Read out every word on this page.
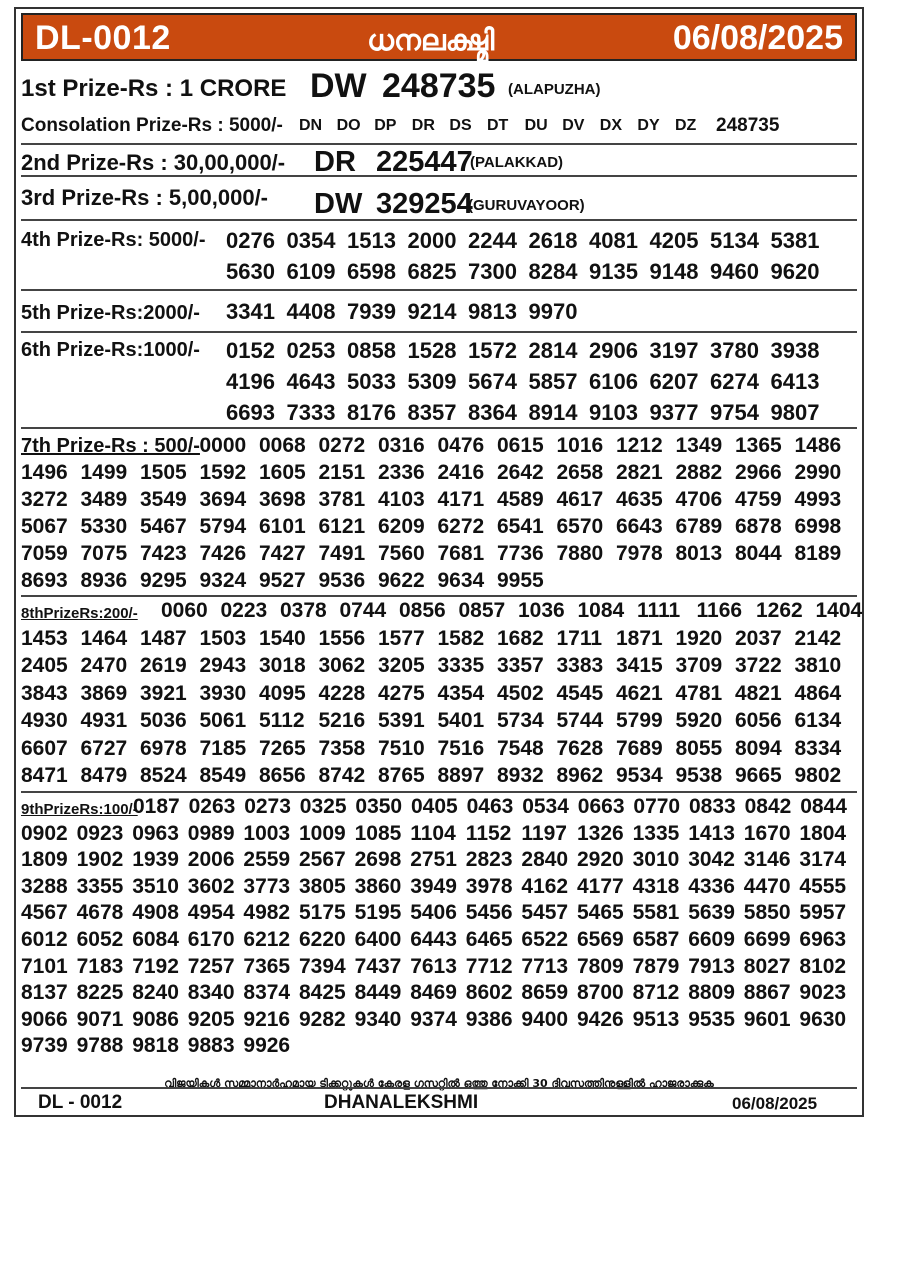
DL-0012	ധനലക്ഷ്മി	06/08/2025
1st Prize-Rs : 1 CRORE DW 248735 (ALAPUZHA)
Consolation Prize-Rs : 5000/- DN DO DP DR DS DT DU DV DX DY DZ 248735
2nd Prize-Rs : 30,00,000/- DR 225447
(PALAKKAD)
3rd Prize-Rs : 5,00,000/- DW 329254
(GURUVAYOOR)
4th Prize-Rs: 5000/- 0276 0354 1513 2000 2244 2618 4081 4205 5134 5381
5630 6109 6598 6825 7300 8284 9135 9148 9460 9620
5th Prize-Rs:2000/- 3341 4408 7939 9214 9813 9970
6th Prize-Rs:1000/- 0152 0253 0858 1528 1572 2814 2906 3197 3780 3938
4196 4643 5033 5309 5674 5857 6106 6207 6274 6413
6693 7333 8176 8357 8364 8914 9103 9377 9754 9807
7th Prize-Rs : 500/- 0000 0068 0272 0316 0476 0615 1016 1212 1349 1365 1486
1496 1499 1505 1592 1605 2151 2336 2416 2642 2658 2821 2882 2966 2990
3272 3489 3549 3694 3698 3781 4103 4171 4589 4617 4635 4706 4759 4993
5067 5330 5467 5794 6101 6121 6209 6272 6541 6570 6643 6789 6878 6998
7059 7075 7423 7426 7427 7491 7560 7681 7736 7880 7978 8013 8044 8189
8693 8936 9295 9324 9527 9536 9622 9634 9955
8thPrizeRs:200/- 0060 0223 0378 0744 0856 0857 1036 1084 1111 1166 1262 1404
1453 1464 1487 1503 1540 1556 1577 1582 1682 1711 1871 1920 2037 2142
2405 2470 2619 2943 3018 3062 3205 3335 3357 3383 3415 3709 3722 3810
3843 3869 3921 3930 4095 4228 4275 4354 4502 4545 4621 4781 4821 4864
4930 4931 5036 5061 5112 5216 5391 5401 5734 5744 5799 5920 6056 6134
6607 6727 6978 7185 7265 7358 7510 7516 7548 7628 7689 8055 8094 8334
8471 8479 8524 8549 8656 8742 8765 8897 8932 8962 9534 9538 9665 9802
9thPrizeRs:100/-
0187 0263 0273 0325 0350 0405 0463 0534 0663 0770 0833 0842 0844
0902 0923 0963 0989 1003 1009 1085 1104 1152 1197 1326 1335 1413 1670 1804
1809 1902 1939 2006 2559 2567 2698 2751 2823 2840 2920 3010 3042 3146 3174
3288 3355 3510 3602 3773 3805 3860 3949 3978 4162 4177 4318 4336 4470 4555
4567 4678 4908 4954 4982 5175 5195 5406 5456 5457 5465 5581 5639 5850 5957
6012 6052 6084 6170 6212 6220 6400 6443 6465 6522 6569 6587 6609 6699 6963
7101 7183 7192 7257 7365 7394 7437 7613 7712 7713 7809 7879 7913 8027 8102
8137 8225 8240 8340 8374 8425 8449 8469 8602 8659 8700 8712 8809 8867 9023
9066 9071 9086 9205 9216 9282 9340 9374 9386 9400 9426 9513 9535 9601 9630
9739 9788 9818 9883 9926
വിജയികൾ സമ്മാനാർഹമായ ടിക്കറ്റുകൾ കേരള ഗസറ്റിൽ ഒത്തു നോക്കി 30 ദിവസത്തിനുള്ളിൽ ഹാജരാക്കുക
DL - 0012	DHANALEKSHMI	06/08/2025
